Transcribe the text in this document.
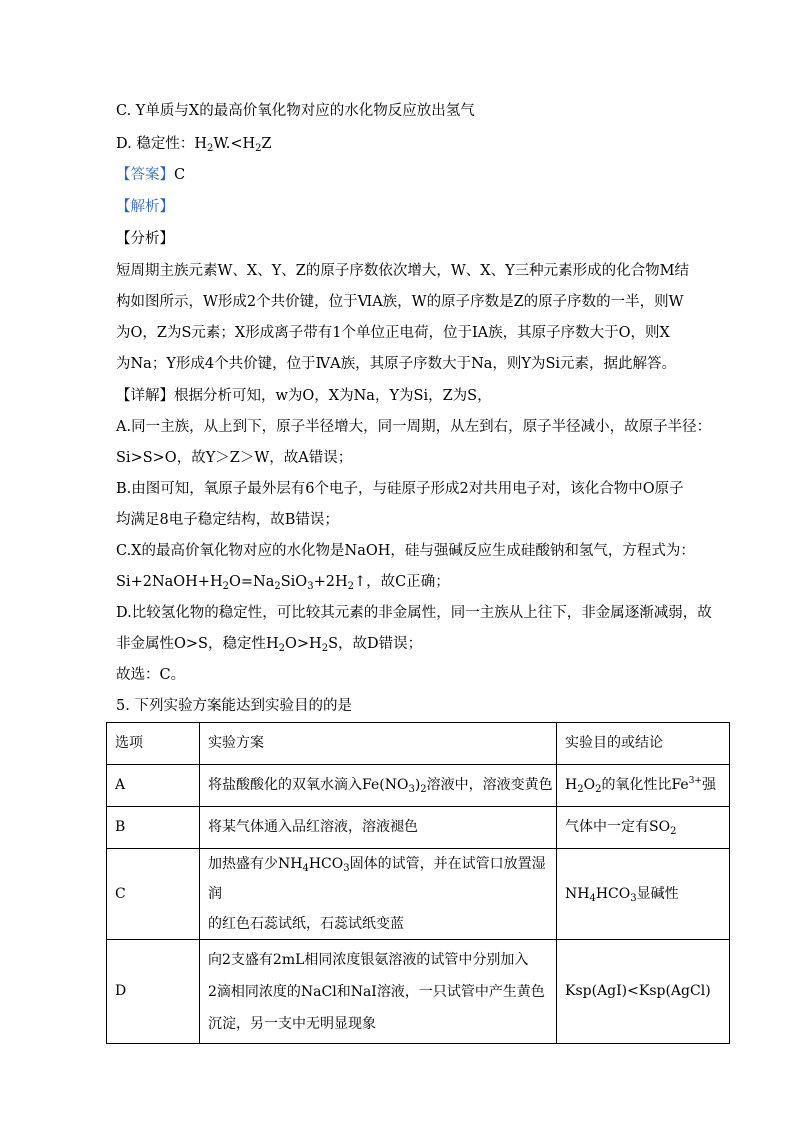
C. Y单质与X的最高价氧化物对应的水化物反应放出氢气
D. 稳定性：$H_2W.<H_2Z$
【答案】C
【解析】
【分析】
短周期主族元素W、X、Y、Z的原子序数依次增大，W、X、Y三种元素形成的化合物M结
构如图所示，W形成2个共价键，位于ⅥA族，W的原子序数是Z的原子序数的一半，则W
为O，Z为S元素；X形成离子带有1个单位正电荷，位于ⅠA族，其原子序数大于O，则X
为Na；Y形成4个共价键，位于ⅣA族，其原子序数大于Na，则Y为Si元素，据此解答。
【详解】根据分析可知，w为O，X为Na，Y为Si，Z为S，
A.同一主族，从上到下，原子半径增大，同一周期，从左到右，原子半径减小，故原子半径：
Si>S>O，故Y＞Z＞W，故A错误；
B.由图可知，氧原子最外层有6个电子，与硅原子形成2对共用电子对，该化合物中O原子
均满足8电子稳定结构，故B错误；
C.X的最高价氧化物对应的水化物是NaOH，硅与强碱反应生成硅酸钠和氢气，方程式为：
$Si+2NaOH+H_2O=Na_2SiO_3+2H_2↑$，故C正确；
D.比较氢化物的稳定性，可比较其元素的非金属性，同一主族从上往下，非金属逐渐减弱，故
非金属性O>S，稳定性$H_2O>H_2S$，故D错误；
故选：C。
5. 下列实验方案能达到实验目的的是
选项	实验方案	实验目的或结论
A	将盐酸酸化的双氧水滴入$Fe(NO_3)_2$溶液中，溶液变黄色	$H_2O_2$的氧化性比$Fe^{3+}$强
B	将某气体通入品红溶液，溶液褪色	气体中一定有$SO_2$
C	加热盛有少$NH_4HCO_3$固体的试管，并在试管口放置湿润
的红色石蕊试纸，石蕊试纸变蓝	$NH_4HCO_3$显碱性
D	向2支盛有2mL相同浓度银氨溶液的试管中分别加入
2滴相同浓度的NaCl和NaI溶液，一只试管中产生黄色
沉淀，另一支中无明显现象	Ksp(AgI)<Ksp(AgCl)
